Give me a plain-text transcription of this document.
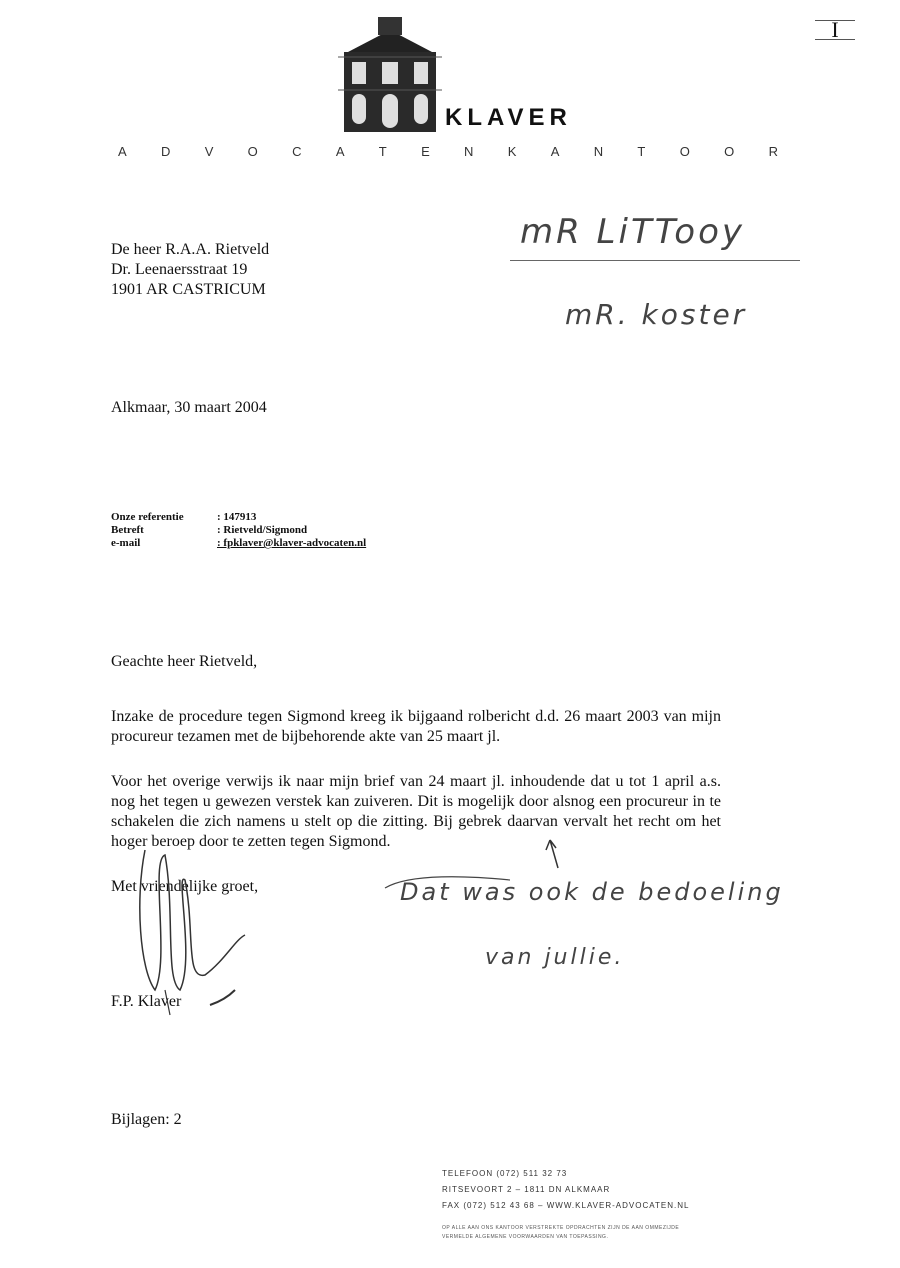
I
KLAVER
A	D	V	O	C	A	T	E	N	K	A	N	T	O	O	R
De heer R.A.A. Rietveld
Dr. Leenaersstraat 19
1901 AR CASTRICUM
mR LiTTooy
mR. koster
Alkmaar, 30 maart 2004
Onze referentie	: 147913
Betreft	: Rietveld/Sigmond
e-mail	: fpklaver@klaver-advocaten.nl
Geachte heer Rietveld,
Inzake de procedure tegen Sigmond kreeg ik bijgaand rolbericht d.d. 26 maart 2003 van mijn procureur tezamen met de bijbehorende akte van 25 maart jl.
Voor het overige verwijs ik naar mijn brief van 24 maart jl. inhoudende dat u tot 1 april a.s. nog het tegen u gewezen verstek kan zuiveren. Dit is mogelijk door alsnog een procureur in te schakelen die zich namens u stelt op die zitting. Bij gebrek daarvan vervalt het recht om het hoger beroep door te zetten tegen Sigmond.
Met vriendelijke groet,
F.P. Klaver
Dat was ook de bedoeling
van jullie.
Bijlagen: 2
TELEFOON (072) 511 32 73
RITSEVOORT 2 – 1811 DN ALKMAAR
FAX (072) 512 43 68 – WWW.KLAVER-ADVOCATEN.NL
OP ALLE AAN ONS KANTOOR VERSTREKTE OPDRACHTEN ZIJN DE AAN OMMEZIJDE
VERMELDE ALGEMENE VOORWAARDEN VAN TOEPASSING.
